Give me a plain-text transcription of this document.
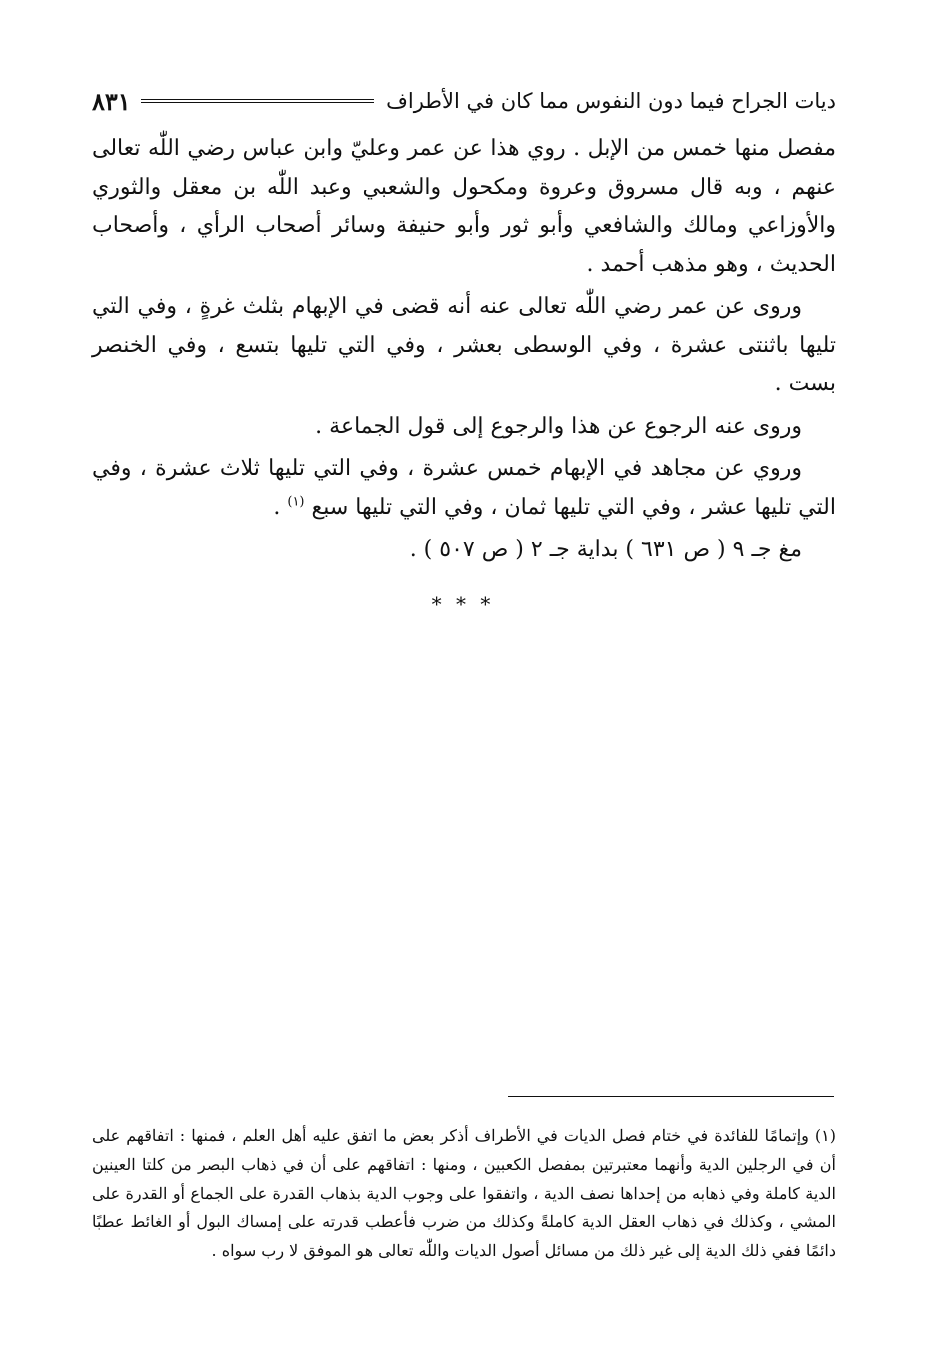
ديات الجراح فيما دون النفوس مما كان في الأطراف
٨٣١

مفصل منها خمس من الإبل . روي هذا عن عمر وعليّ وابن عباس رضي اللّٰه تعالى عنهم ، وبه قال مسروق وعروة ومكحول والشعبي وعبد اللّٰه بن معقل والثوري والأوزاعي ومالك والشافعي وأبو ثور وأبو حنيفة وسائر أصحاب الرأي ، وأصحاب الحديث ، وهو مذهب أحمد .

وروى عن عمر رضي اللّٰه تعالى عنه أنه قضى في الإبهام بثلث غرةٍ ، وفي التي تليها باثنتى عشرة ، وفي الوسطى بعشر ، وفي التي تليها بتسع ، وفي الخنصر بست .

وروى عنه الرجوع عن هذا والرجوع إلى قول الجماعة .

وروي عن مجاهد في الإبهام خمس عشرة ، وفي التي تليها ثلاث عشرة ، وفي التي تليها عشر ، وفي التي تليها ثمان ، وفي التي تليها سبع $^{(١)}$ .

مغ جـ ٩ ( ص ٦٣١ ) بداية جـ ٢ ( ص ٥٠٧ ) .

* * *

(١) وإتمامًا للفائدة في ختام فصل الديات في الأطراف أذكر بعض ما اتفق عليه أهل العلم ، فمنها : اتفاقهم على أن في الرجلين الدية وأنهما معتبرتين بمفصل الكعبين ، ومنها : اتفاقهم على أن في ذهاب البصر من كلتا العينين الدية كاملة وفي ذهابه من إحداها نصف الدية ، واتفقوا على وجوب الدية بذهاب القدرة على الجماع أو القدرة على المشي ، وكذلك في ذهاب العقل الدية كاملةً وكذلك من ضرب فأعطب قدرته على إمساك البول أو الغائط عطبًا دائمًا ففي ذلك الدية إلى غير ذلك من مسائل أصول الديات واللّٰه تعالى هو الموفق لا رب سواه .
